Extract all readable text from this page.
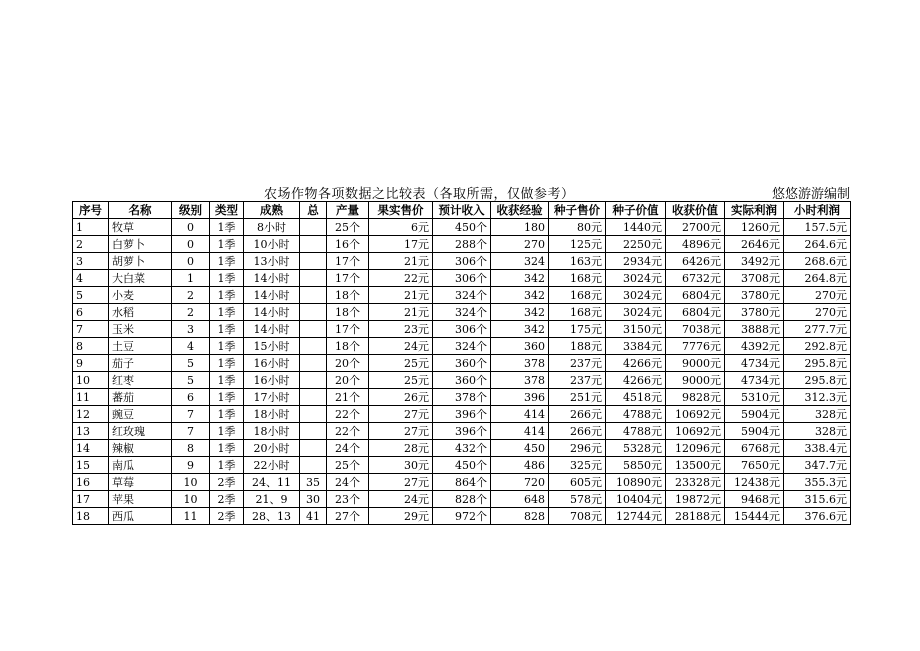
农场作物各项数据之比较表（各取所需，仅做参考）	悠悠游游编制
序号	名称	级别	类型	成熟	总	产量	果实售价	预计收入	收获经验	种子售价	种子价值	收获价值	实际利润	小时利润
1	牧草	0	1季	8小时		25个	6元	450个	180	80元	1440元	2700元	1260元	157.5元
2	白萝卜	0	1季	10小时		16个	17元	288个	270	125元	2250元	4896元	2646元	264.6元
3	胡萝卜	0	1季	13小时		17个	21元	306个	324	163元	2934元	6426元	3492元	268.6元
4	大白菜	1	1季	14小时		17个	22元	306个	342	168元	3024元	6732元	3708元	264.8元
5	小麦	2	1季	14小时		18个	21元	324个	342	168元	3024元	6804元	3780元	270元
6	水稻	2	1季	14小时		18个	21元	324个	342	168元	3024元	6804元	3780元	270元
7	玉米	3	1季	14小时		17个	23元	306个	342	175元	3150元	7038元	3888元	277.7元
8	土豆	4	1季	15小时		18个	24元	324个	360	188元	3384元	7776元	4392元	292.8元
9	茄子	5	1季	16小时		20个	25元	360个	378	237元	4266元	9000元	4734元	295.8元
10	红枣	5	1季	16小时		20个	25元	360个	378	237元	4266元	9000元	4734元	295.8元
11	蕃茄	6	1季	17小时		21个	26元	378个	396	251元	4518元	9828元	5310元	312.3元
12	豌豆	7	1季	18小时		22个	27元	396个	414	266元	4788元	10692元	5904元	328元
13	红玫瑰	7	1季	18小时		22个	27元	396个	414	266元	4788元	10692元	5904元	328元
14	辣椒	8	1季	20小时		24个	28元	432个	450	296元	5328元	12096元	6768元	338.4元
15	南瓜	9	1季	22小时		25个	30元	450个	486	325元	5850元	13500元	7650元	347.7元
16	草莓	10	2季	24、11	35	24个	27元	864个	720	605元	10890元	23328元	12438元	355.3元
17	苹果	10	2季	21、9	30	23个	24元	828个	648	578元	10404元	19872元	9468元	315.6元
18	西瓜	11	2季	28、13	41	27个	29元	972个	828	708元	12744元	28188元	15444元	376.6元
